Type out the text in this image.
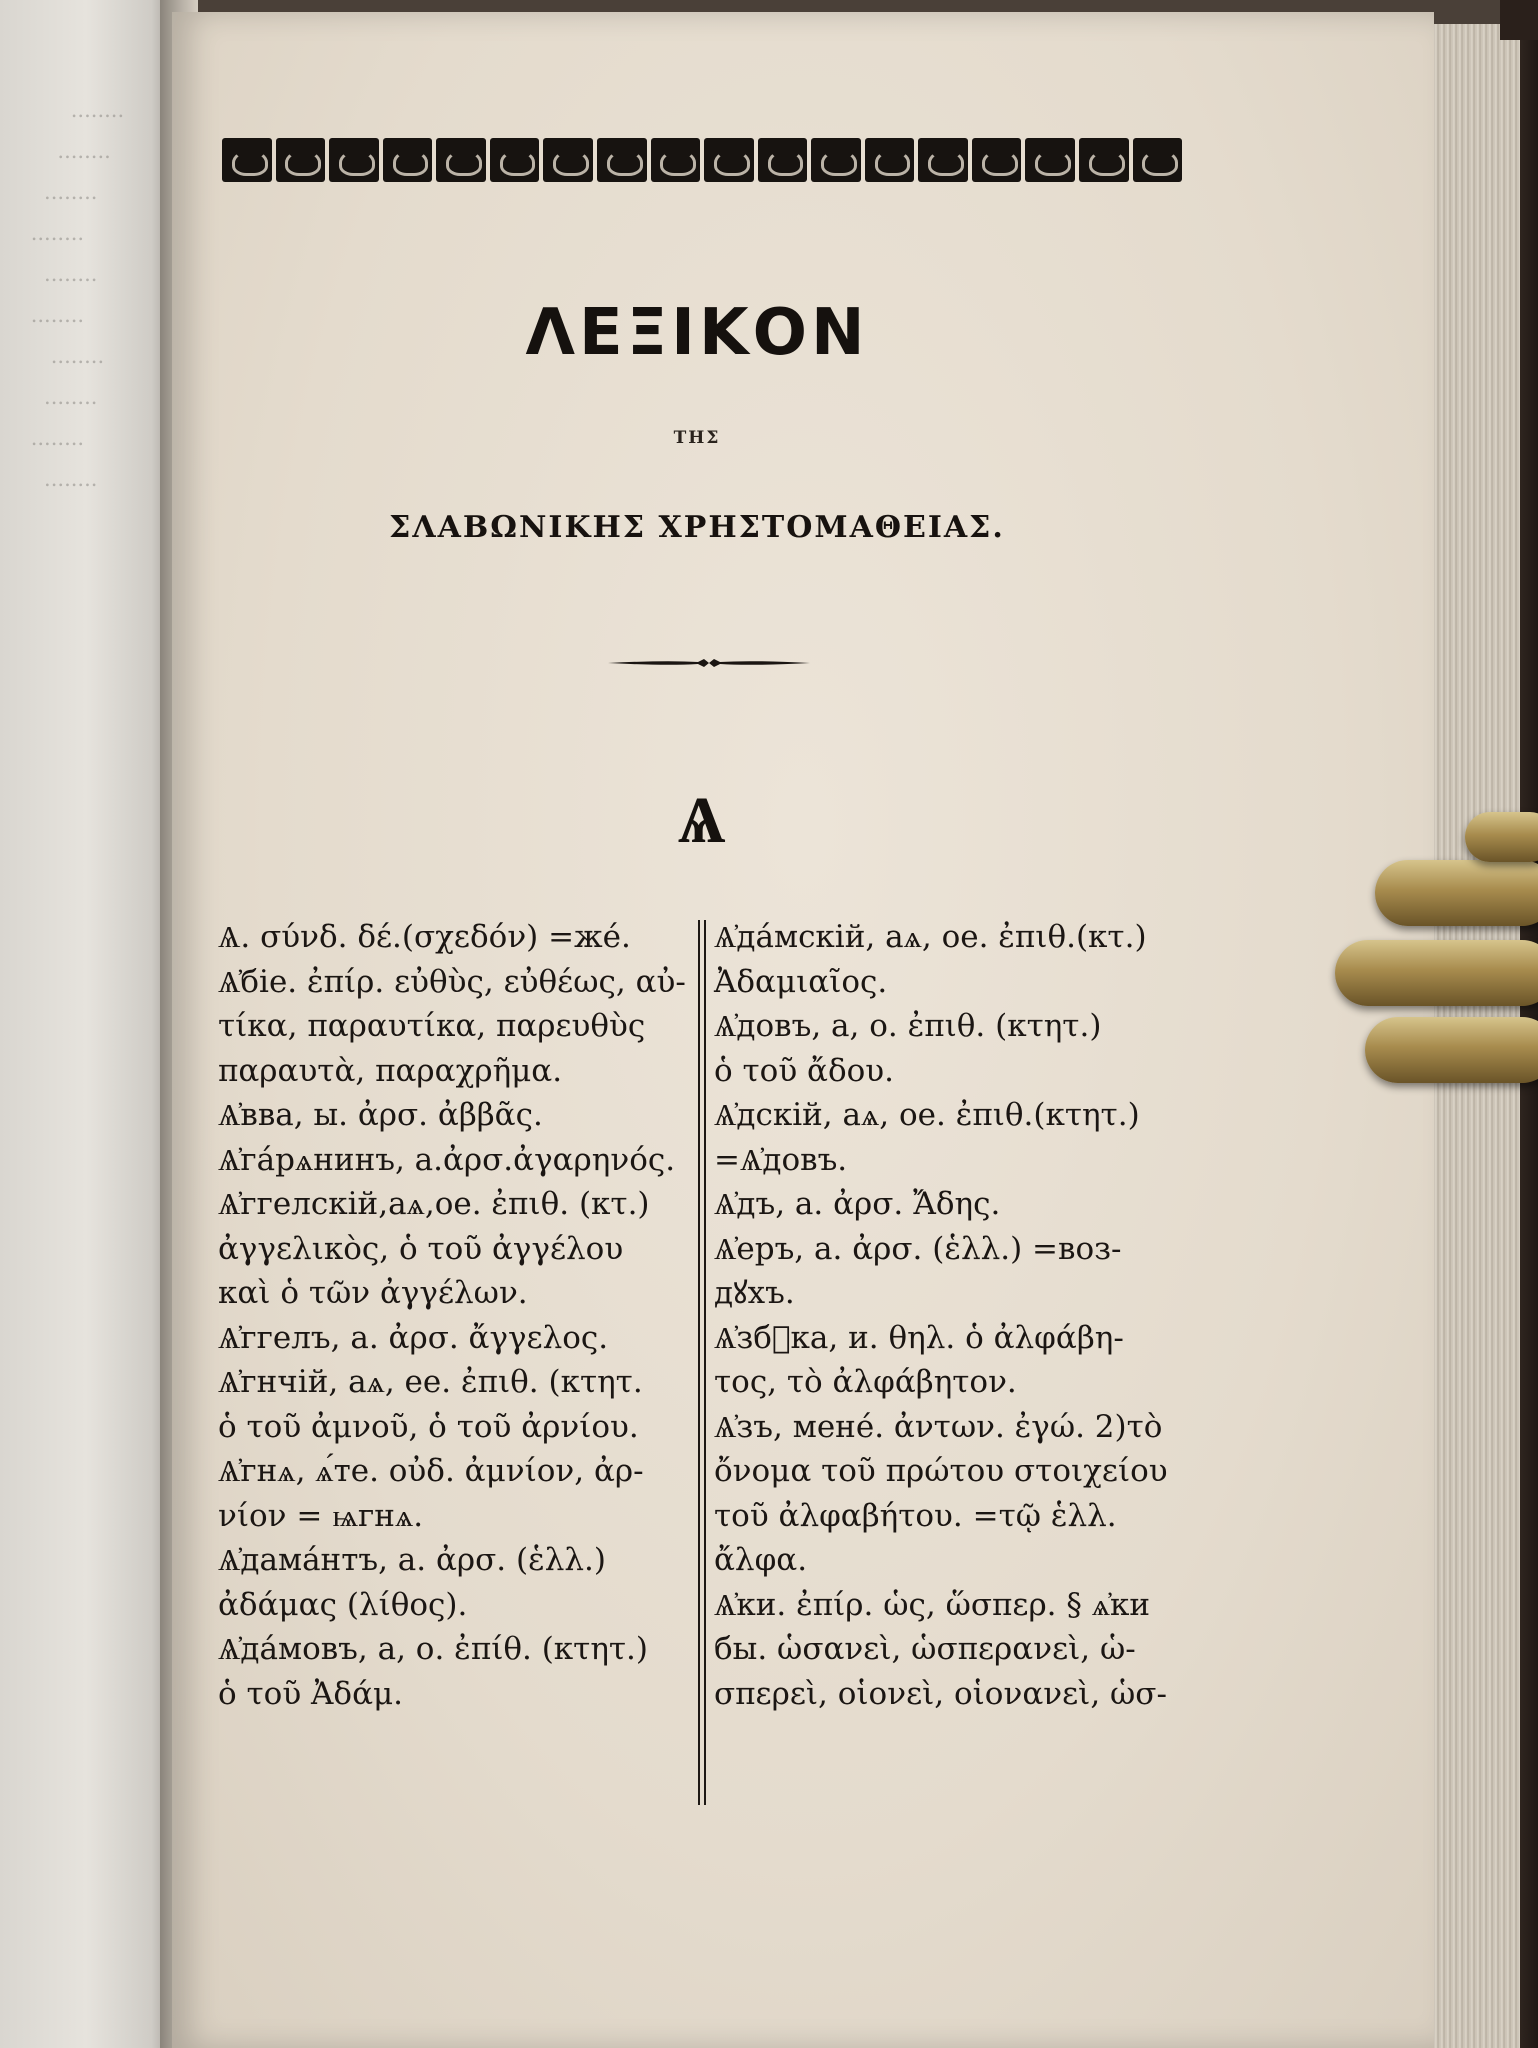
........
........
........
........
........
........
........
........
........
........
ΛΕΞΙΚΟΝ
ΤΗΣ
ΣΛΑΒΩΝΙΚΗΣ ΧΡΗΣΤΟΜΑΘΕΙΑΣ.
Ѧ
Ѧ. σύνδ. δέ.(σχεδόν) =жé.
Ѧ̓біе. ἐπίρ. εὐθὺς, εὐθέως, αὐ-
τίκα, παραυτίκα, παρευθὺς
παραυτὰ, παραχρῆμα.
Ѧ̓вва, ы. ἀρσ. ἀββᾶς.
Ѧ̓гáрѧнинъ, а.ἀρσ.ἀγαρηνός.
Ѧ̓ггелскій,аѧ,ое. ἐπιθ. (κτ.)
ἀγγελικὸς, ὁ τοῦ ἀγγέλου
καὶ ὁ τῶν ἀγγέλων.
Ѧ̓ггелъ, а. ἀρσ. ἄγγελος.
Ѧ̓гнчій, аѧ, ее. ἐπιθ. (κτητ.
ὁ τοῦ ἀμνοῦ, ὁ τοῦ ἀρνίου.
Ѧ̓гнѧ, ѧ́те. οὐδ. ἀμνίον, ἀρ-
νίον = ѩгнѧ.
Ѧ̓дамáнтъ, а. ἀρσ. (ἑλλ.)
ἀδάμας (λίθος).
Ѧ̓дáмовъ, а, о. ἐπίθ. (κτητ.)
ὁ τοῦ Ἀδάμ.
Ѧ̓дáмскій, аѧ, ое. ἐπιθ.(κτ.)
Ἀδαμιαῖος.
Ѧ̓довъ, а, о. ἐπιθ. (κτητ.)
ὁ τοῦ ἄδου.
Ѧ̓дскій, аѧ, ое. ἐπιθ.(κτητ.)
=Ѧ̓довъ.
Ѧ̓дъ, а. ἀρσ. Ἄδης.
Ѧ̓еръ, а. ἀρσ. (ἑλλ.) =воз-
дꙋхъ.
Ѧ̓зб꙽ка, и. θηλ. ὁ ἀλφάβη-
τος, τὸ ἀλφάβητον.
Ѧ̓зъ, менé. ἀντων. ἐγώ. 2)τὸ
ὄνομα τοῦ πρώτου στοιχείου
τοῦ ἀλφαβήτου. =τῷ ἑλλ.
ἄλφα.
Ѧ̓ки. ἐπίρ. ὡς, ὥσπερ. § ѧ̓ки
бы. ὡσανεὶ, ὡσπερανεὶ, ὡ-
σπερεὶ, οἱονεὶ, οἱονανεὶ, ὡσ-
